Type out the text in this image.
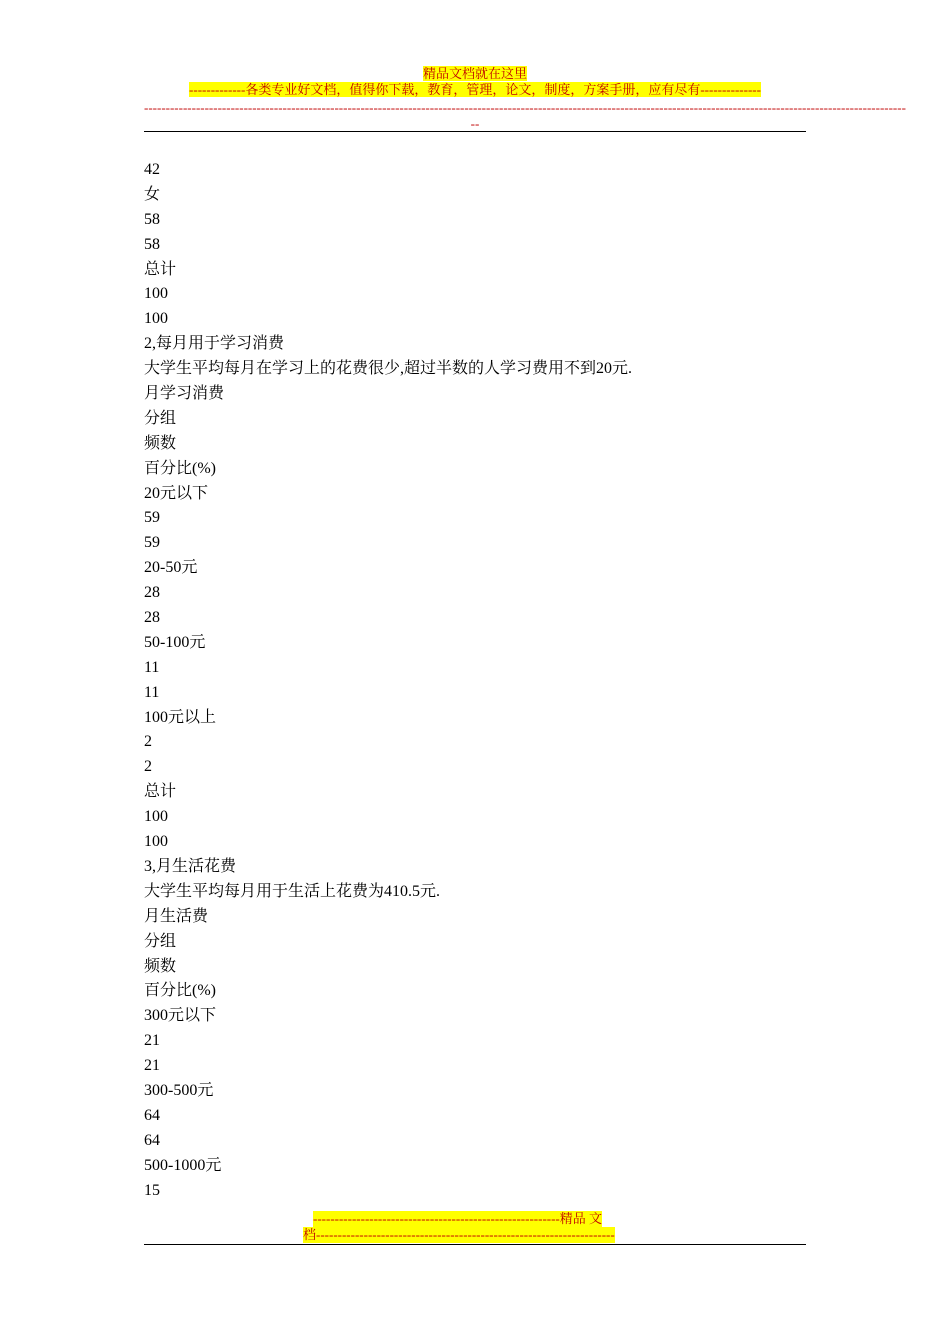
精品文档就在这里
-------------各类专业好文档，值得你下载，教育，管理，论文，制度，方案手册，应有尽有--------------
--------------------------------------------------------------------------------------------------------------------------------------------------------------------------------
--
42
女
58
58
总计
100
100
2,每月用于学习消费
大学生平均每月在学习上的花费很少,超过半数的人学习费用不到20元.
月学习消费
分组
频数
百分比(%)
20元以下
59
59
20-50元
28
28
50-100元
11
11
100元以上
2
2
总计
100
100
3,月生活花费
大学生平均每月用于生活上花费为410.5元.
月生活费
分组
频数
百分比(%)
300元以下
21
21
300-500元
64
64
500-1000元
15
---------------------------------------------------------精品 文
档---------------------------------------------------------------------
